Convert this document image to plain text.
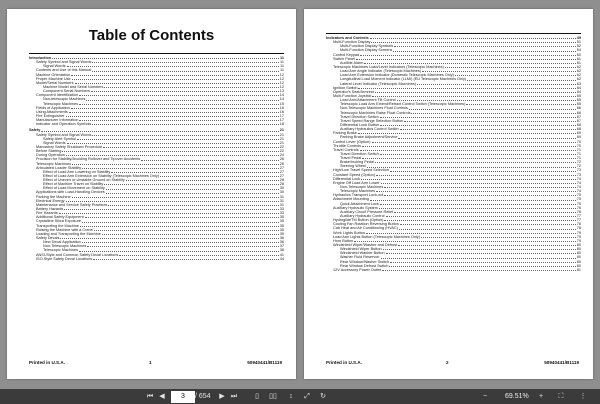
Table of Contents
Introduction	11
Safety Symbol and Signal Words	11
Signal Words	11
Contents and Use of this Manual	11
Machine Orientation	12
Proper Machine Use	12
Model/Serial Numbers	12
Machine Model and Serial Numbers	12
Component Serial Numbers	13
Component Identification	14
Non-telescopic Machines	14
Telescopic Machines	15
Fields of Application	16
Using Attachments	16
Fire Extinguisher	17
Manufacturer Information	17
Indicator and Operation Symbols	18
Safety	21
Safety Symbol and Signal Words	21
Safety Alert Symbol	21
Signal Words	21
Mandatory Safety Shutdown Procedure	22
Before Starting	22
During Operation	24
Provision for Stability/Avoiding Rollover and Tipover Accidents	26
Telescopic Machines	26
Articulated Loader Stability	27
Effect of Load Arm Lowering on Stability	27
Effect of Load Arm Extension on Stability (Telescopic Machines Only)	27
Effect of Uneven or Unstable Ground on Stability	28
Effect of Machine Travel on Stability	28
Effect of Load Movement on Stability	30
Applications with Load-Handling Devices	30
Parking the Machine	31
Electrical Energy	31
Maintenance and Service Safety Practices	31
Battery Hazards	33
Fire Hazards	33
Additional Safety Equipment	35
Crystalline Silica Exposure	35
Transporting the Machine	35
Raising the Machine with a Crane	35
Loading and Transporting the Machine	35
Safety Decals	36
New Decal Application	36
Non-Telescopic Machines	37
Telescopic Machines	38
ANSI-Style and Common Safety Decal Locations	41
ISO-Style Safety Decal Locations	44
Printed in U.S.A.	1	50940441/B1119
Indicators and Controls	49
Multi-Function Display	51
Multi-Function Display Symbols	52
Multi-Function Display Screens	54
Control Keypad	60
Switch Panel	61
Audible Alarm	61
Telescopic Machines Load/Level Indicators (Telescopic Machines)	62
Load Arm Angle Indicator (Telescopic Machines)	62
Load Arm Extension Indicator (Domestic Telescopic Machines Only)	62
Longitudinal Load Moment Indicator (LLMI) (EU Telescopic Machines Only)	62
Lateral Level Indicator (Telescopic Machines)	63
Ignition Switch	64
Operator's Seat/Armrest	64
Multi-Function Joystick	65
Load Arm/Attachment Tilt Control	65
Telescopic Load Arm Extend/Retract Control Switch (Telescopic Machines)	65
Non-Telescopic Machines Float Controls	66
Telescopic Machines Raise Float Controls	66
Travel Direction Switch	67
Travel Speed Range Selection Button	67
Differential Lock Button	68
Auxiliary Hydraulics Control Switch	68
Parking Brake	69
Parking Brake Adjustment/Service	69
Control Lever (Option)	70
Throttle Controls	70
Travel Controls	71
Travel Direction Switch	71
Travel Pedal	71
Brake/Inching Pedal	72
Steering Wheel	72
High/Low Travel Speed Selection	73
Constant Speed (Option)	73
Differential Lock	74
Engine Off Load Arm Lower	74
Non-Telescopic Machines	74
Telescopic Machines	74
Hydraulics Transport Lock-out	75
Attachment Mounting	75
Quick Attachment Lock	75
Auxiliary Hydraulic System	76
Auxiliary Circuit Pressure Relief	76
Auxiliary Hydraulic Control	77
HydroglideTM Button (Option)	77
Cooling Fan Rotation Reversing Button	78
Cab Heat and Air Conditioning (HVAC)	78
Work Lights Button	79
Load Arm Lights Button (Telescopic Machines Only)	79
Horn Button	79
Windshield Wiper/Washer and Defrost	80
Windshield Wiper Button	80
Windshield Washer Button	80
Washer Fluid Reservoir	80
Rear Window/Washer Switch	80
Rear Window Defrost Switch	80
12V Accessory Power Outlet	81
Printed in U.S.A.	2	50940441/B1119
⏮ ◀
3	/ 654	▶ ⏭	▯	▯▯	↕	⤢	↻	−	69.51%	+	⛶	⋮
